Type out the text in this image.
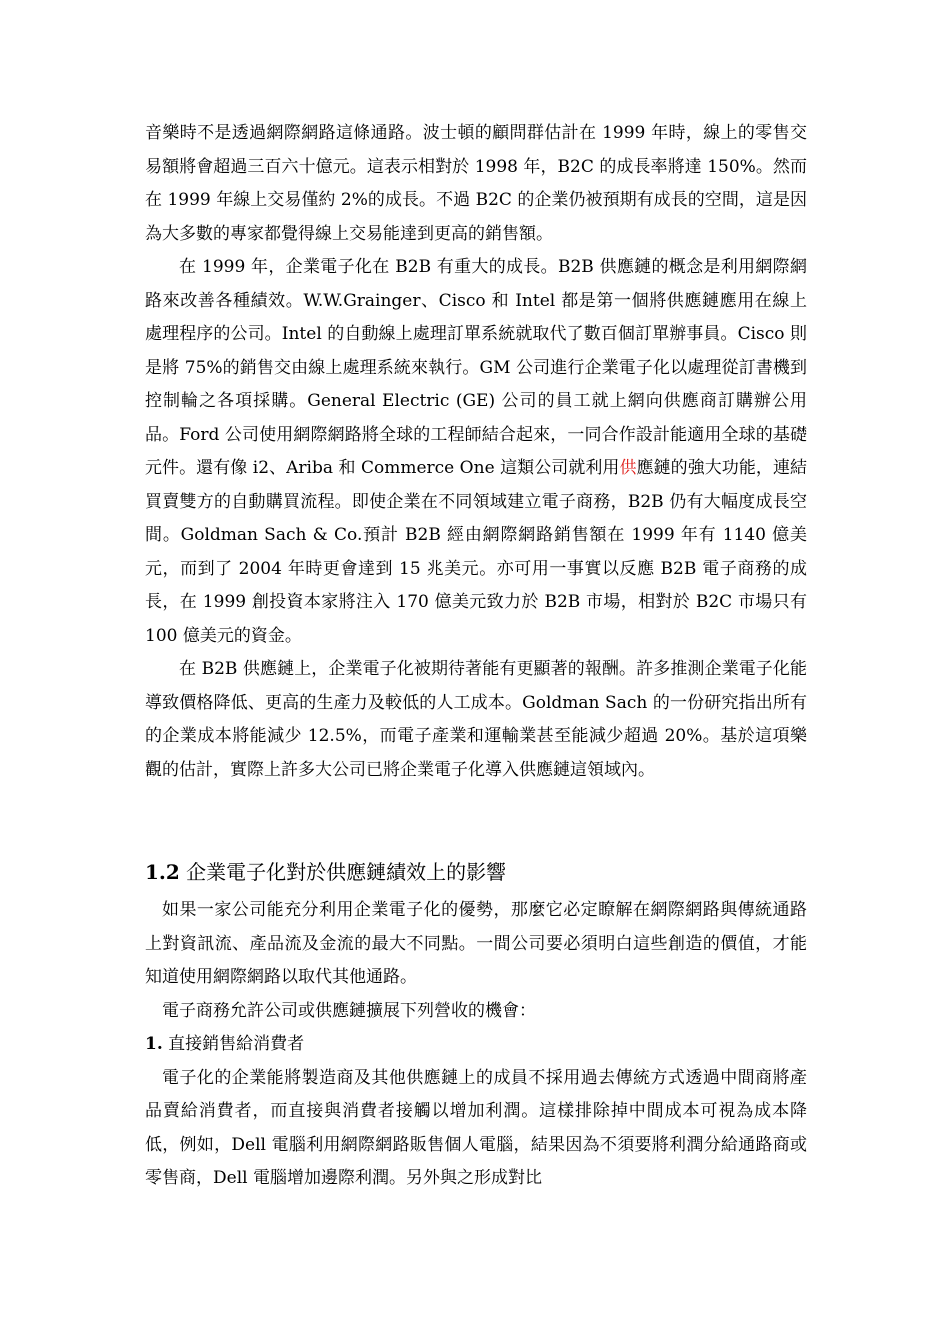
音樂時不是透過網際網路這條通路。波士頓的顧問群估計在 1999 年時，線上的零售交易額將會超過三百六十億元。這表示相對於 1998 年，B2C 的成長率將達 150%。然而在 1999 年線上交易僅約 2%的成長。不過 B2C 的企業仍被預期有成長的空間，這是因為大多數的專家都覺得線上交易能達到更高的銷售額。

在 1999 年，企業電子化在 B2B 有重大的成長。B2B 供應鏈的概念是利用網際網路來改善各種績效。W.W.Grainger、Cisco 和 Intel 都是第一個將供應鏈應用在線上處理程序的公司。Intel 的自動線上處理訂單系統就取代了數百個訂單辦事員。Cisco 則是將 75%的銷售交由線上處理系統來執行。GM 公司進行企業電子化以處理從訂書機到控制輪之各項採購。General Electric (GE) 公司的員工就上網向供應商訂購辦公用品。Ford 公司使用網際網路將全球的工程師結合起來，一同合作設計能適用全球的基礎元件。還有像 i2、Ariba 和 Commerce One 這類公司就利用供應鏈的強大功能，連結買賣雙方的自動購買流程。即使企業在不同領域建立電子商務，B2B 仍有大幅度成長空間。Goldman Sach & Co.預計 B2B 經由網際網路銷售額在 1999 年有 1140 億美元，而到了 2004 年時更會達到 15 兆美元。亦可用一事實以反應 B2B 電子商務的成長，在 1999 創投資本家將注入 170 億美元致力於 B2B 市場，相對於 B2C 市場只有 100 億美元的資金。

在 B2B 供應鏈上，企業電子化被期待著能有更顯著的報酬。許多推測企業電子化能導致價格降低、更高的生產力及較低的人工成本。Goldman Sach 的一份研究指出所有的企業成本將能減少 12.5%，而電子產業和運輸業甚至能減少超過 20%。基於這項樂觀的估計，實際上許多大公司已將企業電子化導入供應鏈這領域內。

1.2 企業電子化對於供應鏈績效上的影響

如果一家公司能充分利用企業電子化的優勢，那麼它必定瞭解在網際網路與傳統通路上對資訊流、產品流及金流的最大不同點。一間公司要必須明白這些創造的價值，才能知道使用網際網路以取代其他通路。

電子商務允許公司或供應鏈擴展下列營收的機會：

1. 直接銷售給消費者

電子化的企業能將製造商及其他供應鏈上的成員不採用過去傳統方式透過中間商將產品賣給消費者，而直接與消費者接觸以增加利潤。這樣排除掉中間成本可視為成本降低，例如，Dell 電腦利用網際網路販售個人電腦，結果因為不須要將利潤分給通路商或零售商，Dell 電腦增加邊際利潤。另外與之形成對比
